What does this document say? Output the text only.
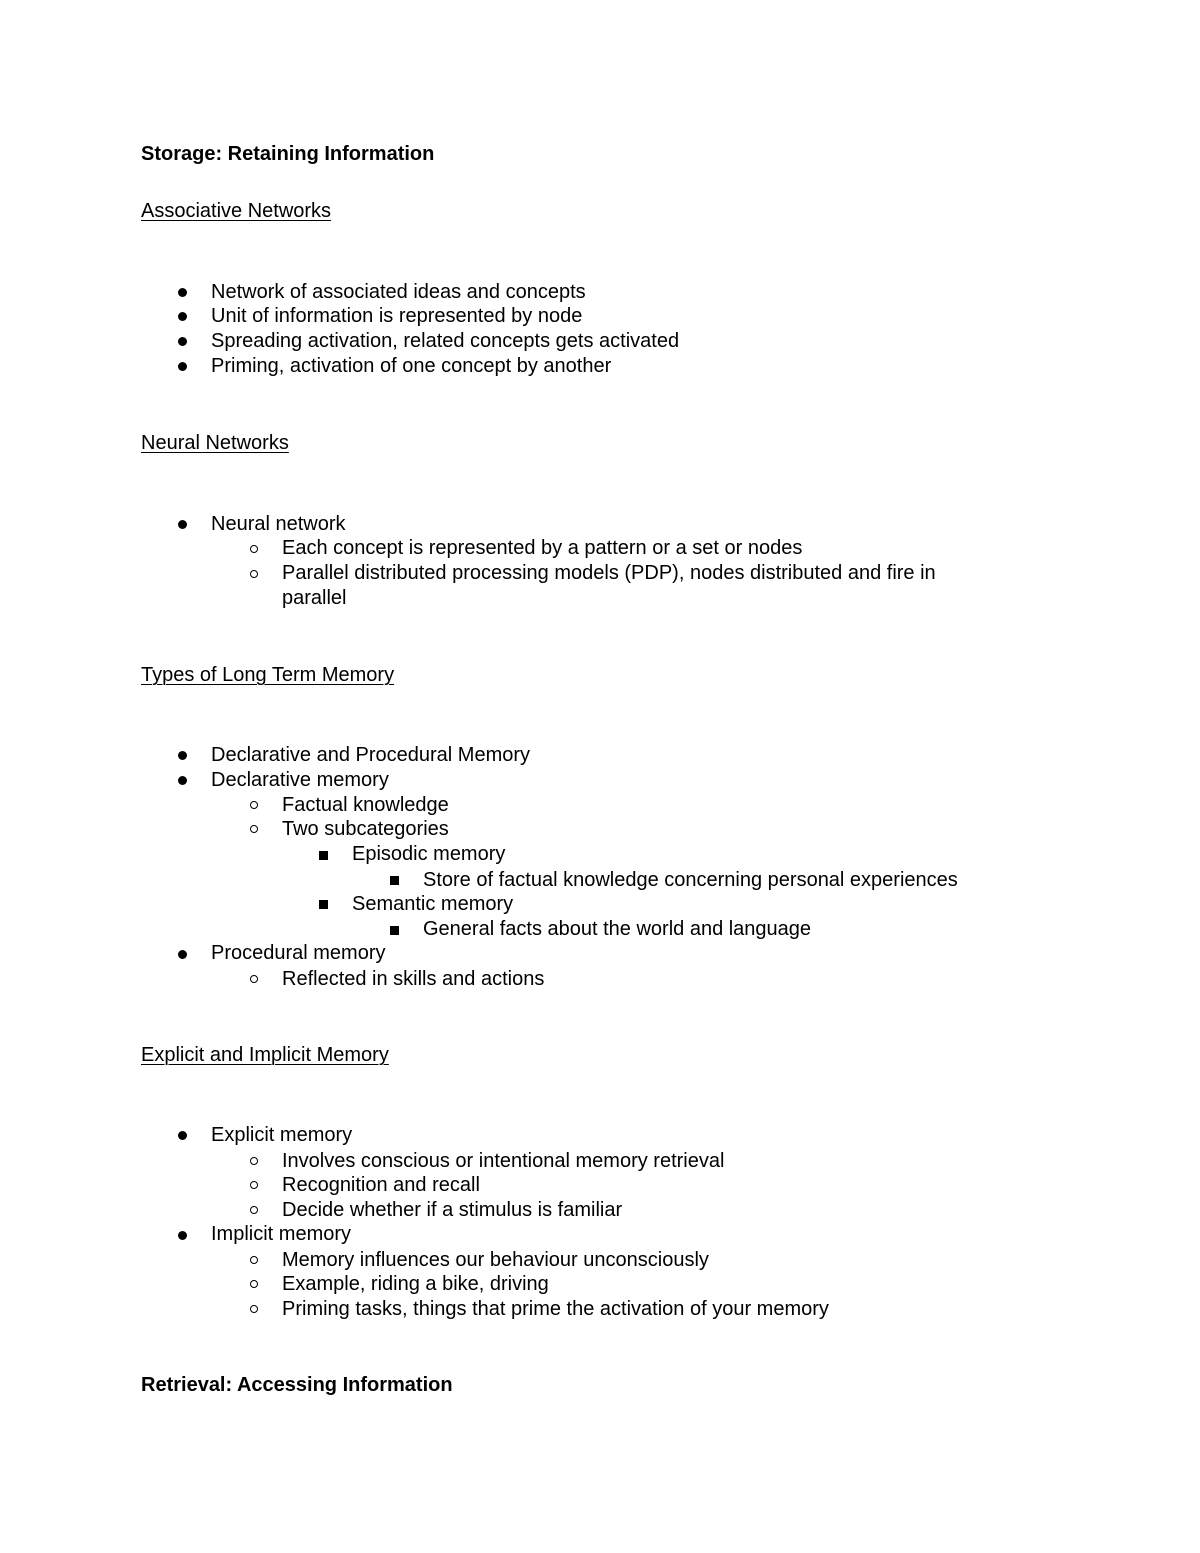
Storage: Retaining Information
Associative Networks
Network of associated ideas and concepts
Unit of information is represented by node
Spreading activation, related concepts gets activated
Priming, activation of one concept by another
Neural Networks
Neural network
Each concept is represented by a pattern or a set or nodes
Parallel distributed processing models (PDP), nodes distributed and fire in
parallel
Types of Long Term Memory
Declarative and Procedural Memory
Declarative memory
Factual knowledge
Two subcategories
Episodic memory
Store of factual knowledge concerning personal experiences
Semantic memory
General facts about the world and language
Procedural memory
Reflected in skills and actions
Explicit and Implicit Memory
Explicit memory
Involves conscious or intentional memory retrieval
Recognition and recall
Decide whether if a stimulus is familiar
Implicit memory
Memory influences our behaviour unconsciously
Example, riding a bike, driving
Priming tasks, things that prime the activation of your memory
Retrieval: Accessing Information
